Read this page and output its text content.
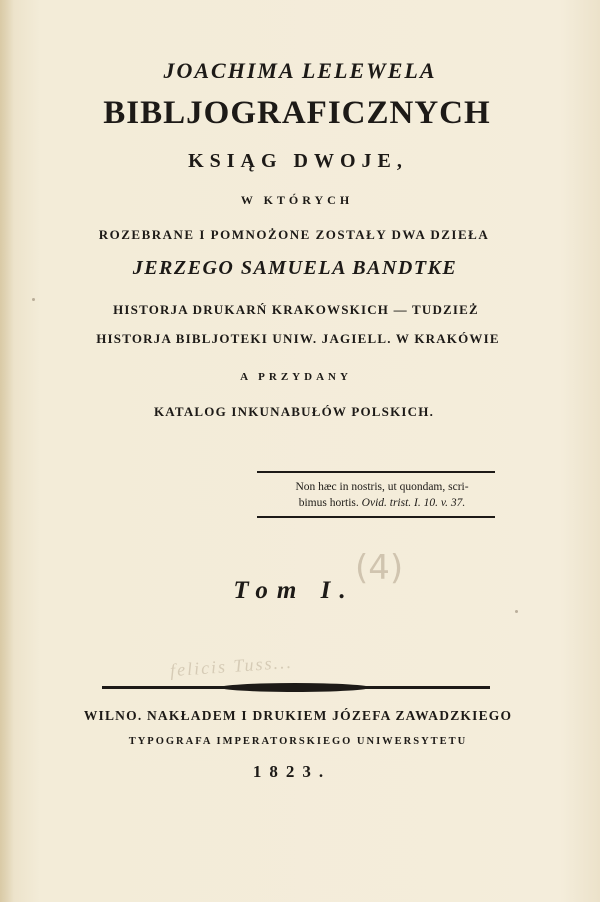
JOACHIMA LELEWELA
BIBLJOGRAFICZNYCH
KSIĄG DWOJE,
W KTÓRYCH
ROZEBRANE I POMNOŻONE ZOSTAŁY DWA DZIEŁA
JERZEGO SAMUELA BANDTKE
HISTORJA DRUKARŃ KRAKOWSKICH — TUDZIEŻ
HISTORJA BIBLJOTEKI UNIW. JAGIELL. W KRAKÓWIE
A PRZYDANY
KATALOG INKUNABUŁÓW POLSKICH.
Non hæc in nostris, ut quondam, scri-
bimus hortis. Ovid. trist. I. 10. v. 37.
(4)
Tom I.
felicis Tuss...
WILNO. NAKŁADEM I DRUKIEM JÓZEFA ZAWADZKIEGO
TYPOGRAFA IMPERATORSKIEGO UNIWERSYTETU
1823.
